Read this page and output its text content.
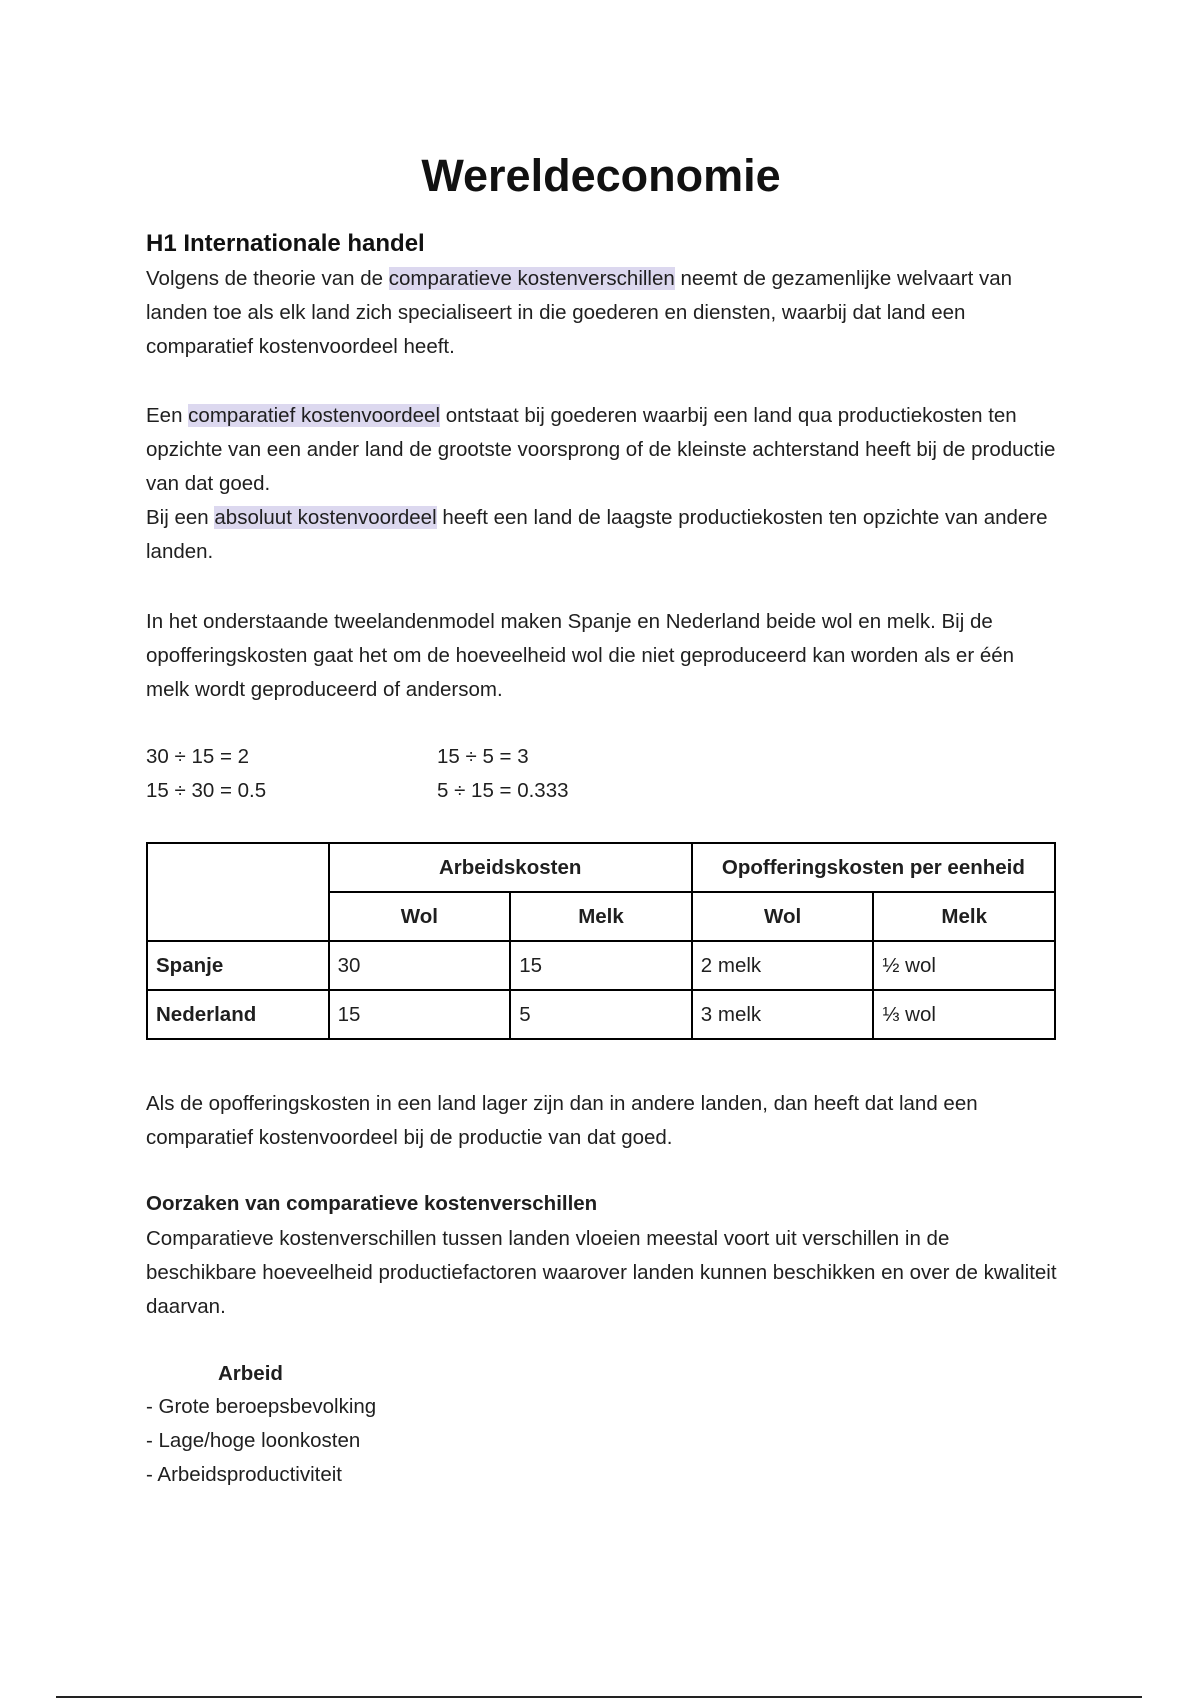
Wereldeconomie
H1 Internationale handel

Volgens de theorie van de comparatieve kostenverschillen neemt de gezamenlijke welvaart van landen toe als elk land zich specialiseert in die goederen en diensten, waarbij dat land een comparatief kostenvoordeel heeft.

Een comparatief kostenvoordeel ontstaat bij goederen waarbij een land qua productiekosten ten opzichte van een ander land de grootste voorsprong of de kleinste achterstand heeft bij de productie van dat goed.
Bij een absoluut kostenvoordeel heeft een land de laagste productiekosten ten opzichte van andere landen.

In het onderstaande tweelandenmodel maken Spanje en Nederland beide wol en melk. Bij de opofferingskosten gaat het om de hoeveelheid wol die niet geproduceerd kan worden als er één melk wordt geproduceerd of andersom.

30 ÷ 15 = 2
15 ÷ 30 = 0.5
15 ÷ 5 = 3
5 ÷ 15 = 0.333
	Arbeidskosten		Opofferingskosten per eenheid	
	Wol	Melk	Wol	Melk
Spanje	30	15	2 melk	½ wol
Nederland	15	5	3 melk	⅓ wol

Als de opofferingskosten in een land lager zijn dan in andere landen, dan heeft dat land een comparatief kostenvoordeel bij de productie van dat goed.

Oorzaken van comparatieve kostenverschillen

Comparatieve kostenverschillen tussen landen vloeien meestal voort uit verschillen in de beschikbare hoeveelheid productiefactoren waarover landen kunnen beschikken en over de kwaliteit daarvan.

Arbeid
- Grote beroepsbevolking
- Lage/hoge loonkosten
- Arbeidsproductiviteit
